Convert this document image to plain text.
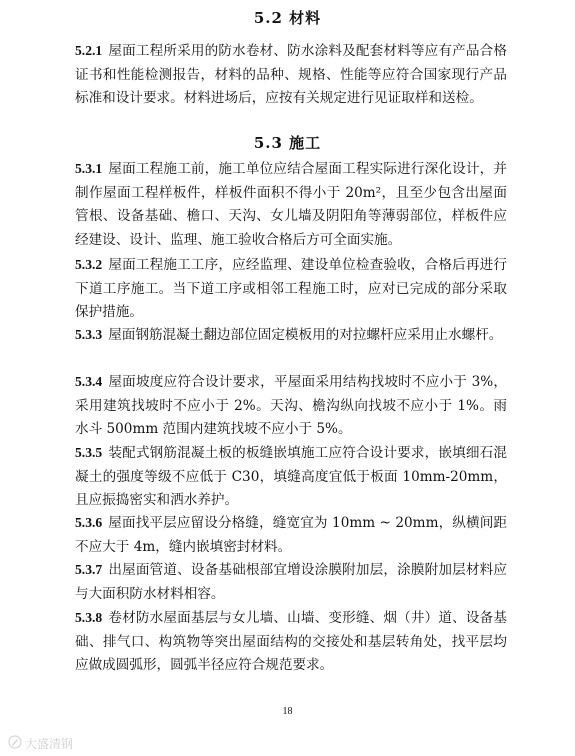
5.2 材料
5.2.1 屋面工程所采用的防水卷材、防水涂料及配套材料等应有产品合格证书和性能检测报告，材料的品种、规格、性能等应符合国家现行产品标准和设计要求。材料进场后，应按有关规定进行见证取样和送检。
5.3 施工
5.3.1 屋面工程施工前，施工单位应结合屋面工程实际进行深化设计，并制作屋面工程样板件，样板件面积不得小于 20m²，且至少包含出屋面管根、设备基础、檐口、天沟、女儿墙及阴阳角等薄弱部位，样板件应经建设、设计、监理、施工验收合格后方可全面实施。
5.3.2 屋面工程施工工序，应经监理、建设单位检查验收，合格后再进行下道工序施工。当下道工序或相邻工程施工时，应对已完成的部分采取保护措施。
5.3.3 屋面钢筋混凝土翻边部位固定模板用的对拉螺杆应采用止水螺杆。
5.3.4 屋面坡度应符合设计要求，平屋面采用结构找坡时不应小于 3%，采用建筑找坡时不应小于 2%。天沟、檐沟纵向找坡不应小于 1%。雨水斗 500mm 范围内建筑找坡不应小于 5%。
5.3.5 装配式钢筋混凝土板的板缝嵌填施工应符合设计要求，嵌填细石混凝土的强度等级不应低于 C30，填缝高度宜低于板面 10mm-20mm，且应振捣密实和洒水养护。
5.3.6 屋面找平层应留设分格缝，缝宽宜为 10mm ~ 20mm，纵横间距不应大于 4m，缝内嵌填密封材料。
5.3.7 出屋面管道、设备基础根部宜增设涂膜附加层，涂膜附加层材料应与大面积防水材料相容。
5.3.8 卷材防水屋面基层与女儿墙、山墙、变形缝、烟（井）道、设备基础、排气口、构筑物等突出屋面结构的交接处和基层转角处，找平层均应做成圆弧形，圆弧半径应符合规范要求。
18
大盛清钢
